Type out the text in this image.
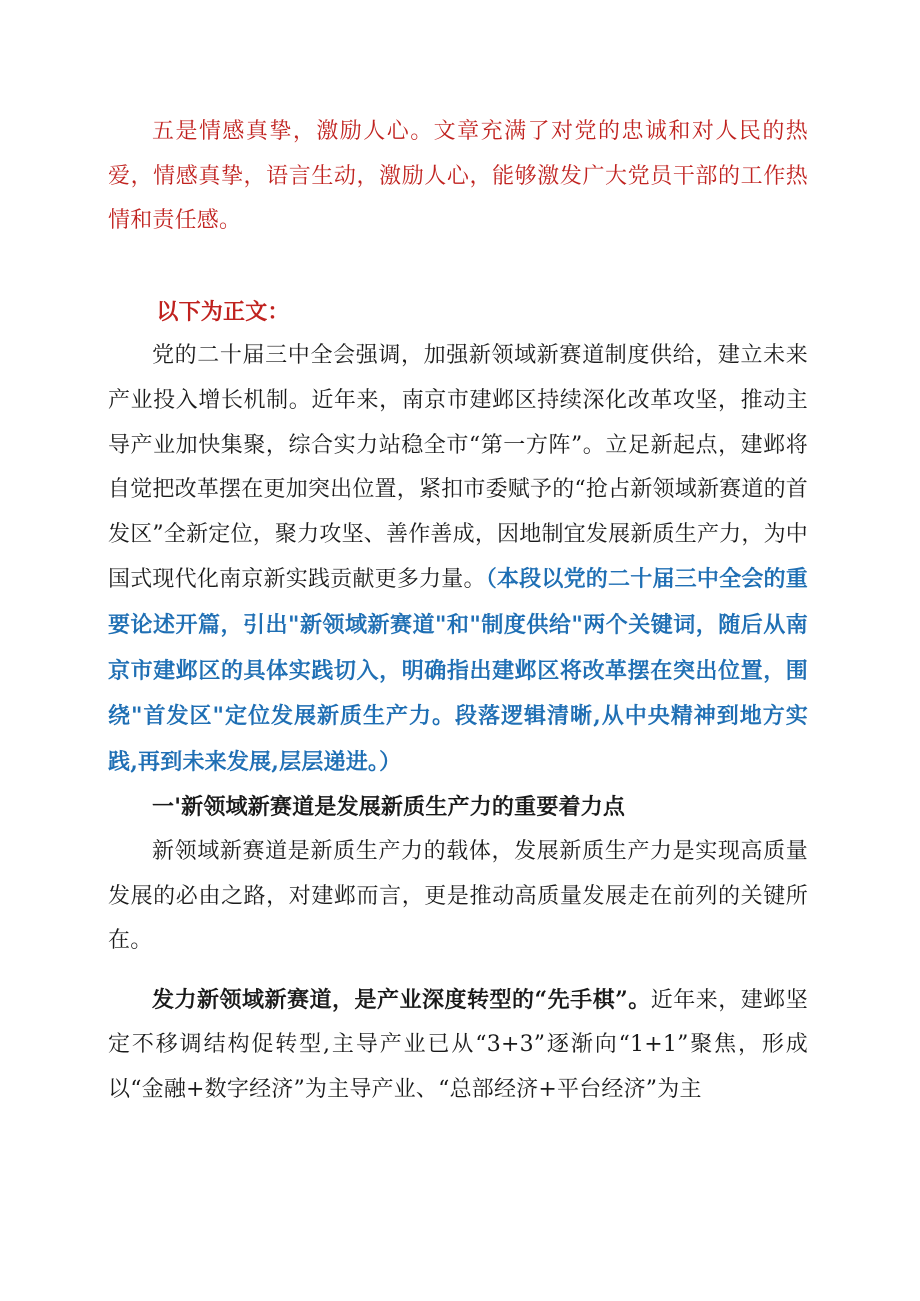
五是情感真挚，激励人心。文章充满了对党的忠诚和对人民的热爱，情感真挚，语言生动，激励人心，能够激发广大党员干部的工作热情和责任感。

以下为正文：

党的二十届三中全会强调，加强新领域新赛道制度供给，建立未来产业投入增长机制。近年来，南京市建邺区持续深化改革攻坚，推动主导产业加快集聚，综合实力站稳全市“第一方阵”。立足新起点，建邺将自觉把改革摆在更加突出位置，紧扣市委赋予的“抢占新领域新赛道的首发区”全新定位，聚力攻坚、善作善成，因地制宜发展新质生产力，为中国式现代化南京新实践贡献更多力量。（本段以党的二十届三中全会的重要论述开篇，引出"新领域新赛道"和"制度供给"两个关键词，随后从南京市建邺区的具体实践切入，明确指出建邺区将改革摆在突出位置，围绕"首发区"定位发展新质生产力。段落逻辑清晰,从中央精神到地方实践,再到未来发展,层层递进。）

一'新领域新赛道是发展新质生产力的重要着力点

新领域新赛道是新质生产力的载体，发展新质生产力是实现高质量发展的必由之路，对建邺而言，更是推动高质量发展走在前列的关键所在。

发力新领域新赛道，是产业深度转型的“先手棋”。近年来，建邺坚定不移调结构促转型,主导产业已从“3+3”逐渐向“1+1”聚焦，形成以“金融+数字经济”为主导产业、“总部经济+平台经济”为主
